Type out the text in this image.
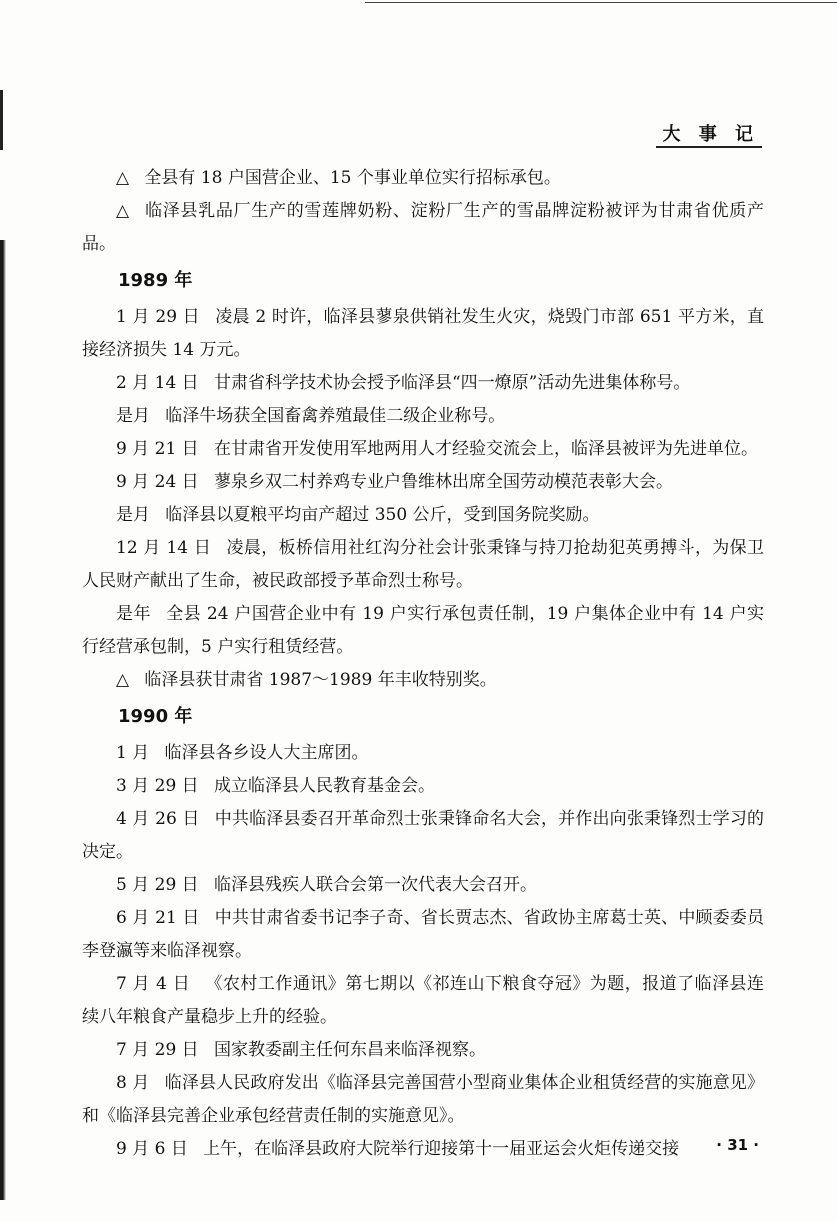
大 事 记

△ 全县有 18 户国营企业、15 个事业单位实行招标承包。

△ 临泽县乳品厂生产的雪莲牌奶粉、淀粉厂生产的雪晶牌淀粉被评为甘肃省优质产品。

1989 年

1 月 29 日 凌晨 2 时许，临泽县蓼泉供销社发生火灾，烧毁门市部 651 平方米，直接经济损失 14 万元。

2 月 14 日 甘肃省科学技术协会授予临泽县“四一燎原”活动先进集体称号。

是月 临泽牛场获全国畜禽养殖最佳二级企业称号。

9 月 21 日 在甘肃省开发使用军地两用人才经验交流会上，临泽县被评为先进单位。

9 月 24 日 蓼泉乡双二村养鸡专业户鲁维林出席全国劳动模范表彰大会。

是月 临泽县以夏粮平均亩产超过 350 公斤，受到国务院奖励。

12 月 14 日 凌晨，板桥信用社红沟分社会计张秉锋与持刀抢劫犯英勇搏斗，为保卫人民财产献出了生命，被民政部授予革命烈士称号。

是年 全县 24 户国营企业中有 19 户实行承包责任制，19 户集体企业中有 14 户实行经营承包制，5 户实行租赁经营。

△ 临泽县获甘肃省 1987～1989 年丰收特别奖。

1990 年

1 月 临泽县各乡设人大主席团。

3 月 29 日 成立临泽县人民教育基金会。

4 月 26 日 中共临泽县委召开革命烈士张秉锋命名大会，并作出向张秉锋烈士学习的决定。

5 月 29 日 临泽县残疾人联合会第一次代表大会召开。

6 月 21 日 中共甘肃省委书记李子奇、省长贾志杰、省政协主席葛士英、中顾委委员李登瀛等来临泽视察。

7 月 4 日 《农村工作通讯》第七期以《祁连山下粮食夺冠》为题，报道了临泽县连续八年粮食产量稳步上升的经验。

7 月 29 日 国家教委副主任何东昌来临泽视察。

8 月 临泽县人民政府发出《临泽县完善国营小型商业集体企业租赁经营的实施意见》和《临泽县完善企业承包经营责任制的实施意见》。

9 月 6 日 上午，在临泽县政府大院举行迎接第十一届亚运会火炬传递交接	· 31 ·
